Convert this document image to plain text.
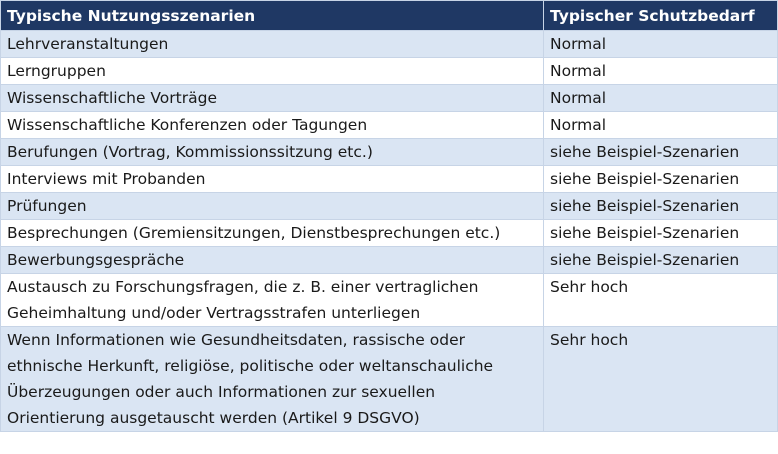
Typische Nutzungsszenarien	Typischer Schutzbedarf
Lehrveranstaltungen	Normal
Lerngruppen	Normal
Wissenschaftliche Vorträge	Normal
Wissenschaftliche Konferenzen oder Tagungen	Normal
Berufungen (Vortrag, Kommissionssitzung etc.)	siehe Beispiel-Szenarien
Interviews mit Probanden	siehe Beispiel-Szenarien
Prüfungen	siehe Beispiel-Szenarien
Besprechungen (Gremiensitzungen, Dienstbesprechungen etc.)	siehe Beispiel-Szenarien
Bewerbungsgespräche	siehe Beispiel-Szenarien
Austausch zu Forschungsfragen, die z. B. einer vertraglichen Geheimhaltung und/oder Vertragsstrafen unterliegen	Sehr hoch
Wenn Informationen wie Gesundheitsdaten, rassische oder ethnische Herkunft, religiöse, politische oder weltanschauliche Überzeugungen oder auch Informationen zur sexuellen Orientierung ausgetauscht werden (Artikel 9 DSGVO)	Sehr hoch
